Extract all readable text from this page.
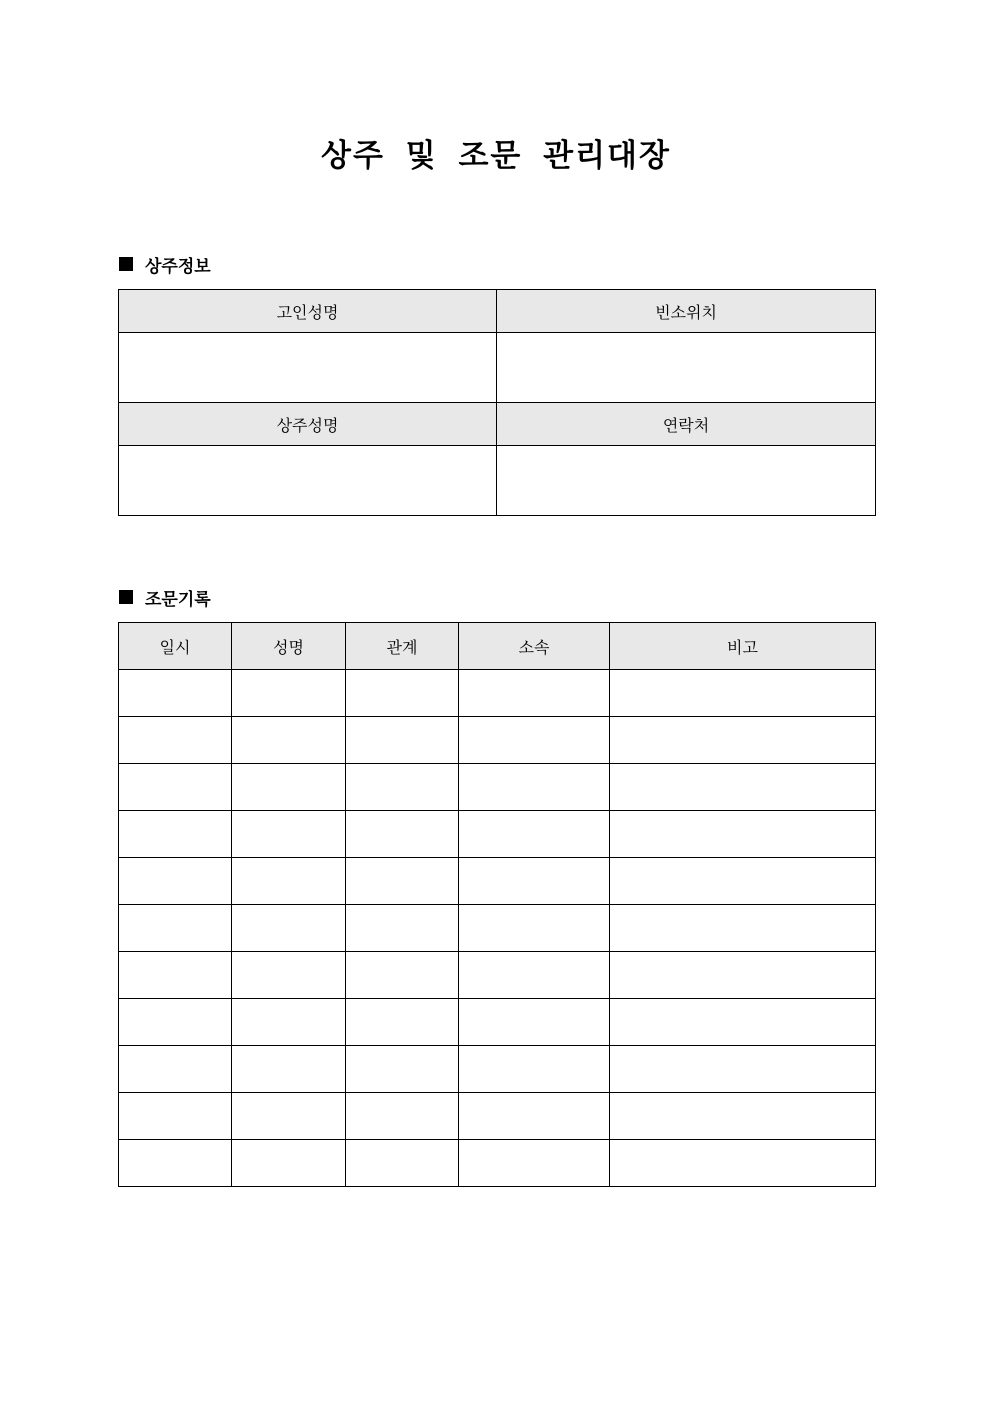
상주 및 조문 관리대장
상주정보
고인성명	빈소위치

상주성명	연락처

조문기록
일시	성명	관계	소속	비고
